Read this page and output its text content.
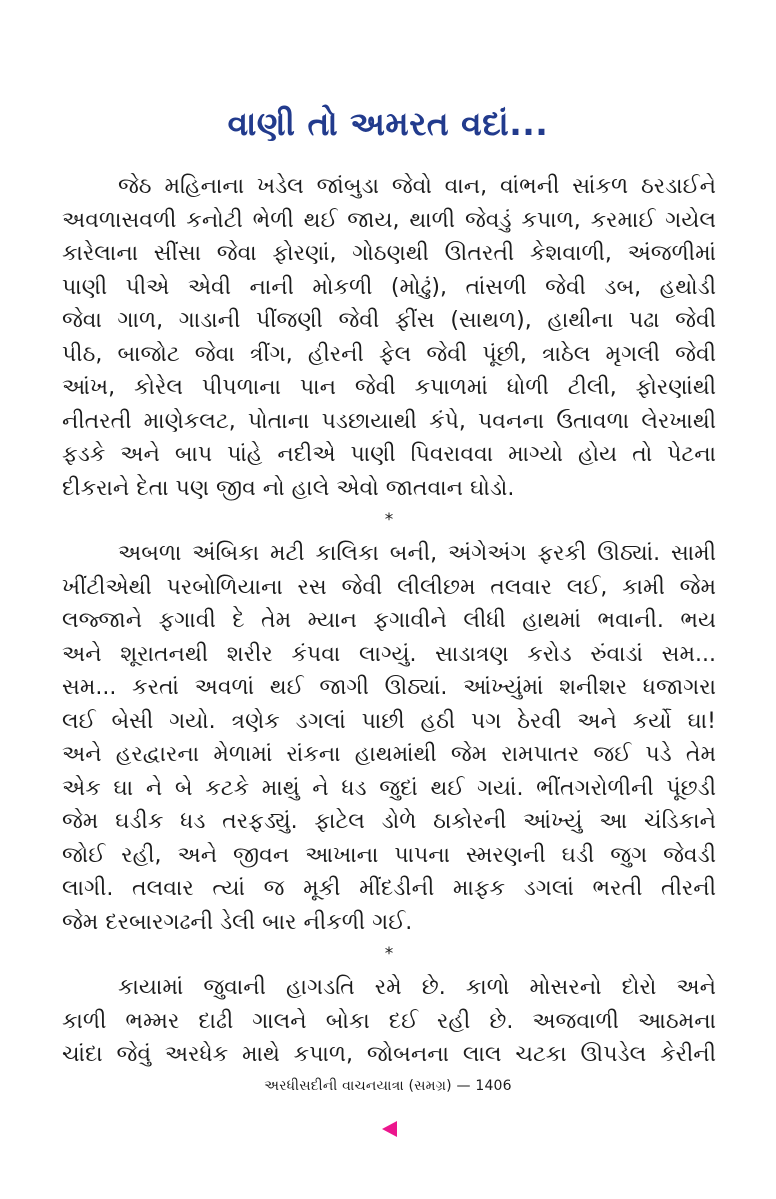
વાણી તો અમરત વદાં...
જેઠ મહિનાના ખડેલ જાંબુડા જેવો વાન, વાંભની સાંકળ ઠરડાઈને
અવળાસવળી કનોટી ભેળી થઈ જાય, થાળી જેવડું કપાળ, કરમાઈ ગયેલ
કારેલાના સીંસા જેવા ફોરણાં, ગોઠણથી ઊતરતી કેશવાળી, અંજળીમાં
પાણી પીએ એવી નાની મોકળી (મોઢું), તાંસળી જેવી ડબ, હથોડી
જેવા ગાળ, ગાડાની પીંજણી જેવી ફીંસ (સાથળ), હાથીના પઢા જેવી
પીઠ, બાજોટ જેવા ત્રીંગ, હીરની ફેલ જેવી પૂંછી, ત્રાઠેલ મૃગલી જેવી
આંખ, કોરેલ પીપળાના પાન જેવી કપાળમાં ધોળી ટીલી, ફોરણાંથી
નીતરતી માણેકલટ, પોતાના પડછાયાથી કંપે, પવનના ઉતાવળા લેરખાથી
ફડકે અને બાપ પાંહે નદીએ પાણી પિવરાવવા માગ્યો હોય તો પેટના
દીકરાને દેતા પણ જીવ નો હાલે એવો જાતવાન ઘોડો.
*
અબળા અંબિકા મટી કાલિકા બની, અંગેઅંગ ફરકી ઊઠ્યાં. સામી
ખીંટીએથી પરબોળિયાના રસ જેવી લીલીછમ તલવાર લઈ, કામી જેમ
લજ્જાને ફગાવી દે તેમ મ્યાન ફગાવીને લીધી હાથમાં ભવાની. ભય
અને શૂરાતનથી શરીર કંપવા લાગ્યું. સાડાત્રણ કરોડ રુંવાડાં સમ...
સમ... કરતાં અવળાં થઈ જાગી ઊઠ્યાં. આંખ્યુંમાં શનીશર ધજાગરા
લઈ બેસી ગયો. ત્રણેક ડગલાં પાછી હઠી પગ ઠેરવી અને કર્યો ઘા!
અને હરદ્વારના મેળામાં રાંકના હાથમાંથી જેમ રામપાતર જઈ પડે તેમ
એક ઘા ને બે કટકે માથું ને ધડ જુદાં થઈ ગયાં. ભીંતગરોળીની પૂંછડી
જેમ ઘડીક ધડ તરફડ્યું. ફાટેલ ડોળે ઠાકોરની આંખ્યું આ ચંડિકાને
જોઈ રહી, અને જીવન આખાના પાપના સ્મરણની ઘડી જુગ જેવડી
લાગી. તલવાર ત્યાં જ મૂકી મીંદડીની માફક ડગલાં ભરતી તીરની
જેમ દરબારગઢની ડેલી બાર નીકળી ગઈ.
*
કાયામાં જુવાની હાગડતિ રમે છે. કાળો મોસરનો દોરો અને
કાળી ભમ્મર દાઢી ગાલને બોકા દઈ રહી છે. અજવાળી આઠમના
ચાંદા જેવું અરધેક માથે કપાળ, જોબનના લાલ ચટકા ઊપડેલ કેરીની
અરધીસદીની વાચનયાત્રા (સમગ્ર) — 1406
